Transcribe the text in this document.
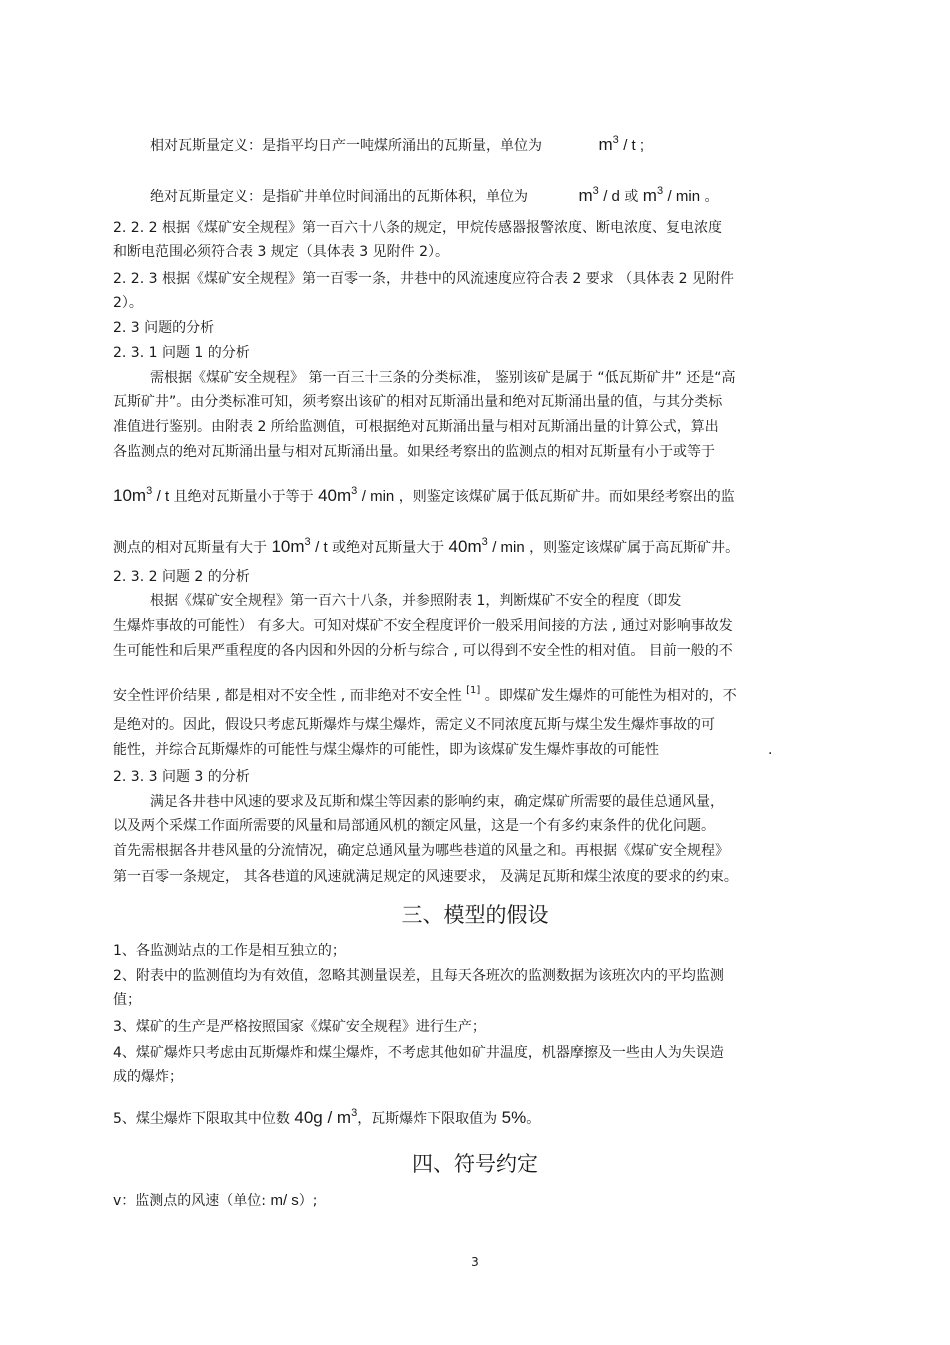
相对瓦斯量定义：是指平均日产一吨煤所涌出的瓦斯量，单位为	$m^3$ / t ;
绝对瓦斯量定义：是指矿井单位时间涌出的瓦斯体积，单位为	$m^3$ / d 或 $m^3$ / min 。
2. 2. 2 根据《煤矿安全规程》第一百六十八条的规定，甲烷传感器报警浓度、断电浓度、复电浓度
和断电范围必须符合表 3 规定（具体表 3 见附件 2）。
2. 2. 3 根据《煤矿安全规程》第一百零一条，井巷中的风流速度应符合表 2 要求 （具体表 2 见附件
2）。
2. 3 问题的分析
2. 3. 1 问题 1 的分析
需根据《煤矿安全规程》 第一百三十三条的分类标准， 鉴别该矿是属于 “低瓦斯矿井” 还是“高
瓦斯矿井”。由分类标准可知，须考察出该矿的相对瓦斯涌出量和绝对瓦斯涌出量的值，与其分类标
准值进行鉴别。由附表 2 所给监测值，可根据绝对瓦斯涌出量与相对瓦斯涌出量的计算公式，算出
各监测点的绝对瓦斯涌出量与相对瓦斯涌出量。如果经考察出的监测点的相对瓦斯量有小于或等于
$10m^3$ / t 且绝对瓦斯量小于等于 $40m^3$ / min ，则鉴定该煤矿属于低瓦斯矿井。而如果经考察出的监
测点的相对瓦斯量有大于 $10m^3$ / t 或绝对瓦斯量大于 $40m^3$ / min ，则鉴定该煤矿属于高瓦斯矿井。
2. 3. 2 问题 2 的分析
根据《煤矿安全规程》第一百六十八条，并参照附表 1，判断煤矿不安全的程度（即发
生爆炸事故的可能性） 有多大。可知对煤矿不安全程度评价一般采用间接的方法 , 通过对影响事故发
生可能性和后果严重程度的各内因和外因的分析与综合 , 可以得到不安全性的相对值。 目前一般的不
安全性评价结果 , 都是相对不安全性 , 而非绝对不安全性 [1] 。即煤矿发生爆炸的可能性为相对的，不
是绝对的。因此，假设只考虑瓦斯爆炸与煤尘爆炸，需定义不同浓度瓦斯与煤尘发生爆炸事故的可
能性，并综合瓦斯爆炸的可能性与煤尘爆炸的可能性，即为该煤矿发生爆炸事故的可能性	.
2. 3. 3 问题 3 的分析
满足各井巷中风速的要求及瓦斯和煤尘等因素的影响约束，确定煤矿所需要的最佳总通风量，
以及两个采煤工作面所需要的风量和局部通风机的额定风量，这是一个有多约束条件的优化问题。
首先需根据各井巷风量的分流情况，确定总通风量为哪些巷道的风量之和。再根据《煤矿安全规程》
第一百零一条规定， 其各巷道的风速就满足规定的风速要求， 及满足瓦斯和煤尘浓度的要求的约束。
三、模型的假设
1、各监测站点的工作是相互独立的；
2、附表中的监测值均为有效值，忽略其测量误差，且每天各班次的监测数据为该班次内的平均监测
值；
3、煤矿的生产是严格按照国家《煤矿安全规程》进行生产；
4、煤矿爆炸只考虑由瓦斯爆炸和煤尘爆炸，不考虑其他如矿井温度，机器摩擦及一些由人为失误造
成的爆炸；
5、煤尘爆炸下限取其中位数 $40g / m^3$，瓦斯爆炸下限取值为 5%。
四、符号约定
v：监测点的风速（单位: m/ s）;
3
